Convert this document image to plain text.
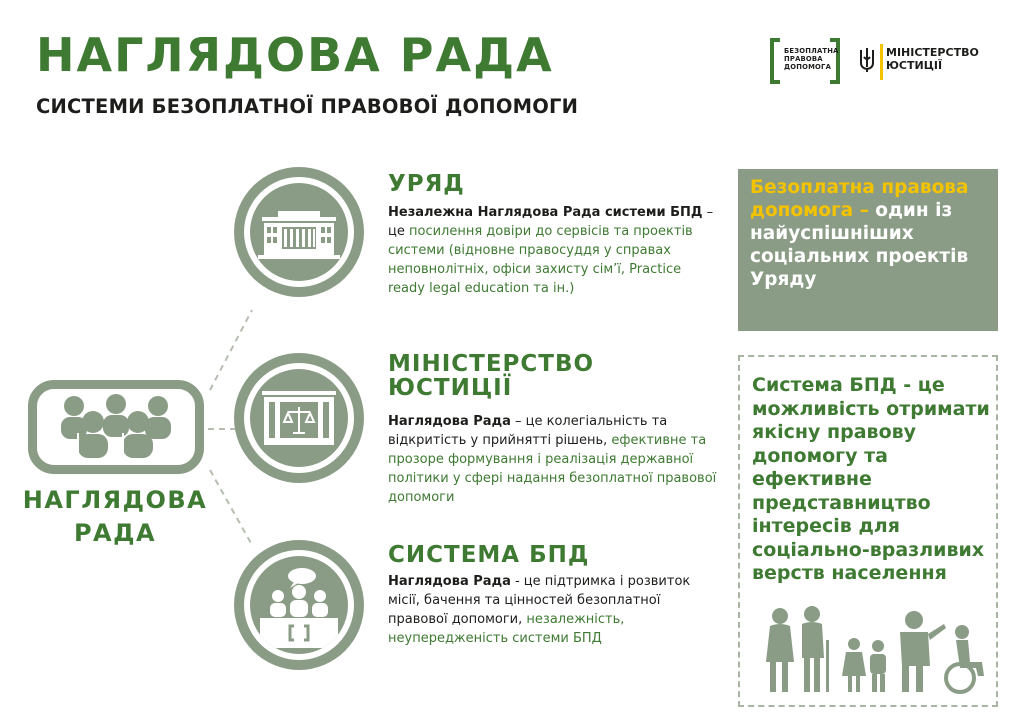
НАГЛЯДОВА РАДА
СИСТЕМИ БЕЗОПЛАТНОЇ ПРАВОВОЇ ДОПОМОГИ
БЕЗОПЛАТНА
ПРАВОВА
ДОПОМОГА
МІНІСТЕРСТВО
ЮСТИЦІЇ
НАГЛЯДОВА
РАДА
УРЯД
Незалежна Наглядова Рада системи БПД – це посилення довіри до сервісів та проектів системи (відновне правосуддя у справах неповнолітніх, офіси захисту сім’ї, Practice ready legal education та ін.)
МІНІСТЕРСТВО
ЮСТИЦІЇ
Наглядова Рада – це колегіальність та відкритість у прийнятті рішень, ефективне та прозоре формування і реалізація державної політики у сфері надання безоплатної правової допомоги
СИСТЕМА БПД
Наглядова Рада - це підтримка і розвиток місії, бачення та цінностей безоплатної правової допомоги, незалежність, неупередженість системи БПД
Безоплатна правова допомога – один із найуспішніших соціальних проектів Уряду
Система БПД - це можливість отримати якісну правову допомогу та ефективне представництво інтересів для соціально-вразливих верств населення
